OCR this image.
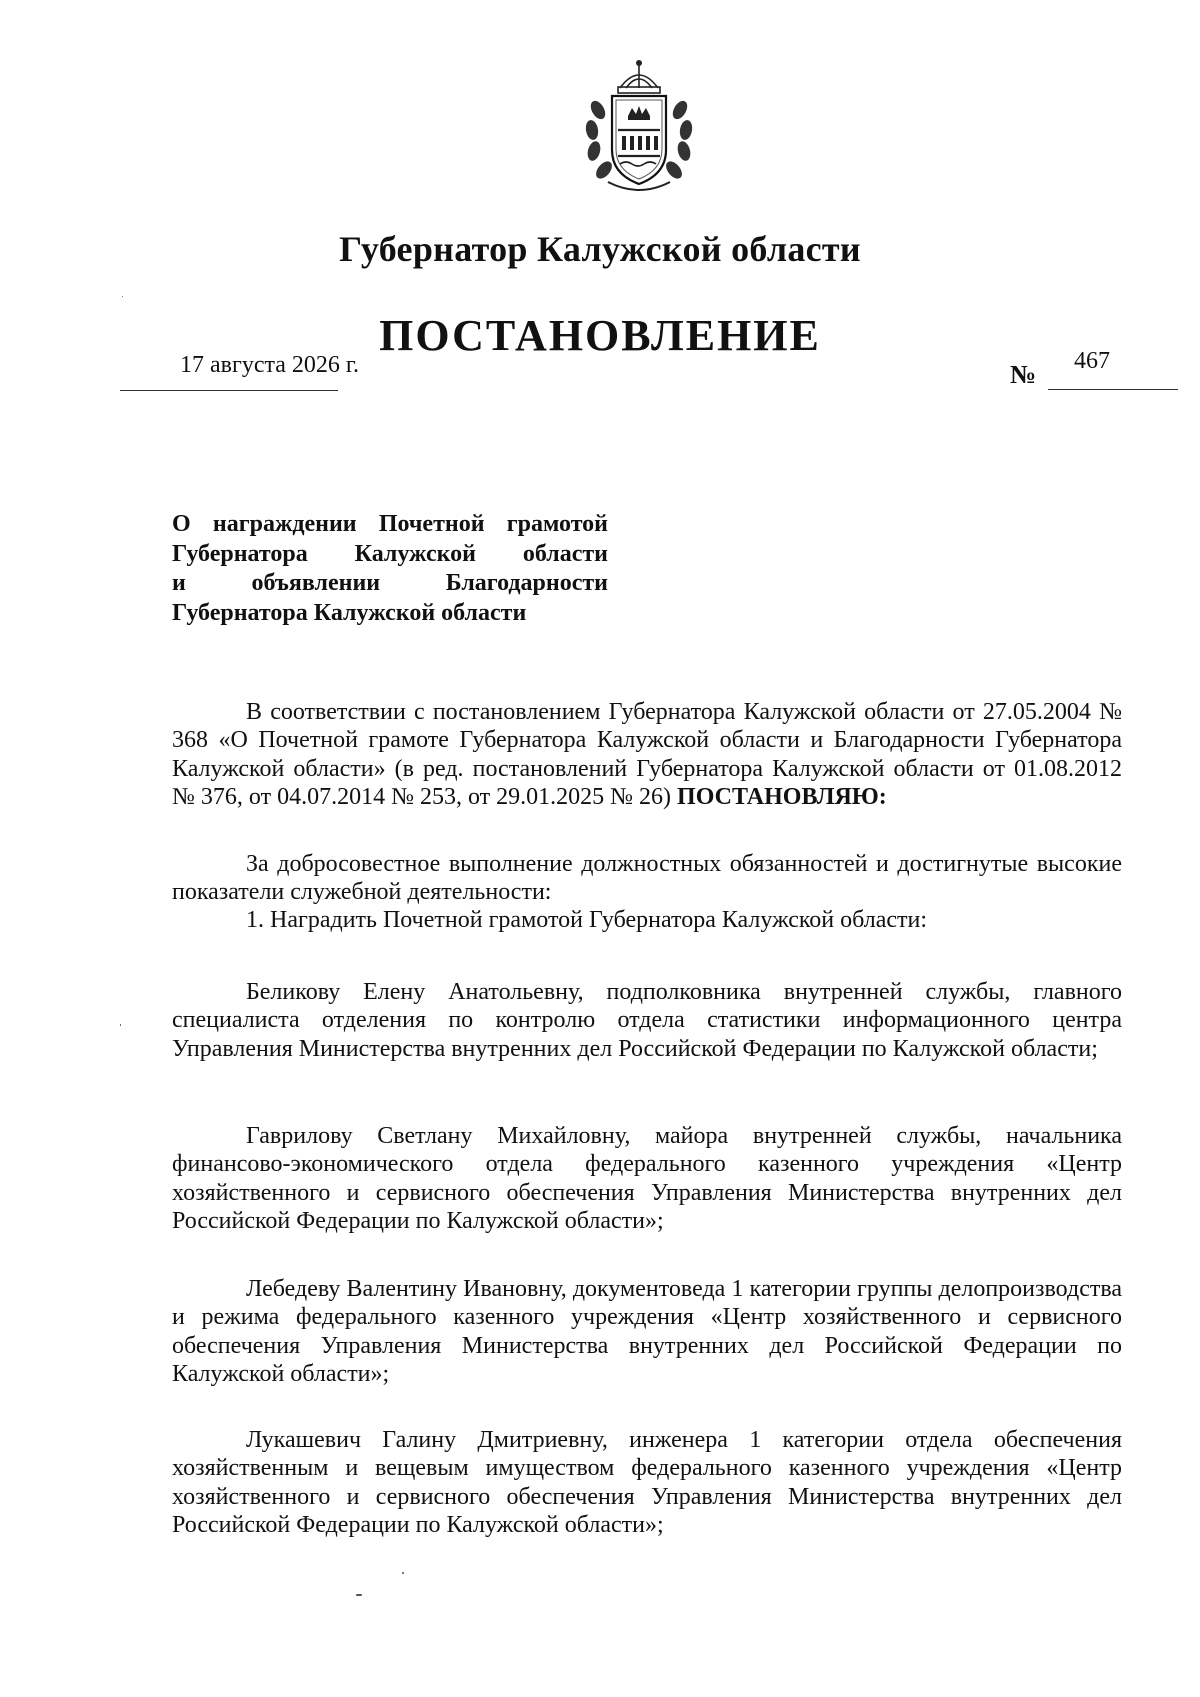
Губернатор Калужской области
ПОСТАНОВЛЕНИЕ
17 августа 2026 г.	№ 467
О награждении Почетной грамотой
Губернатора Калужской области
и объявлении Благодарности
Губернатора Калужской области

В соответствии с постановлением Губернатора Калужской области от 27.05.2004 № 368 «О Почетной грамоте Губернатора Калужской области и Благодарности Губернатора Калужской области» (в ред. постановлений Губернатора Калужской области от 01.08.2012 № 376, от 04.07.2014 № 253, от 29.01.2025 № 26) ПОСТАНОВЛЯЮ:

За добросовестное выполнение должностных обязанностей и достигнутые высокие показатели служебной деятельности:

1. Наградить Почетной грамотой Губернатора Калужской области:

Беликову Елену Анатольевну, подполковника внутренней службы, главного специалиста отделения по контролю отдела статистики информационного центра Управления Министерства внутренних дел Российской Федерации по Калужской области;

Гаврилову Светлану Михайловну, майора внутренней службы, начальника финансово-экономического отдела федерального казенного учреждения «Центр хозяйственного и сервисного обеспечения Управления Министерства внутренних дел Российской Федерации по Калужской области»;

Лебедеву Валентину Ивановну, документоведа 1 категории группы делопроизводства и режима федерального казенного учреждения «Центр хозяйственного и сервисного обеспечения Управления Министерства внутренних дел Российской Федерации по Калужской области»;

Лукашевич Галину Дмитриевну, инженера 1 категории отдела обеспечения хозяйственным и вещевым имуществом федерального казенного учреждения «Центр хозяйственного и сервисного обеспечения Управления Министерства внутренних дел Российской Федерации по Калужской области»;
